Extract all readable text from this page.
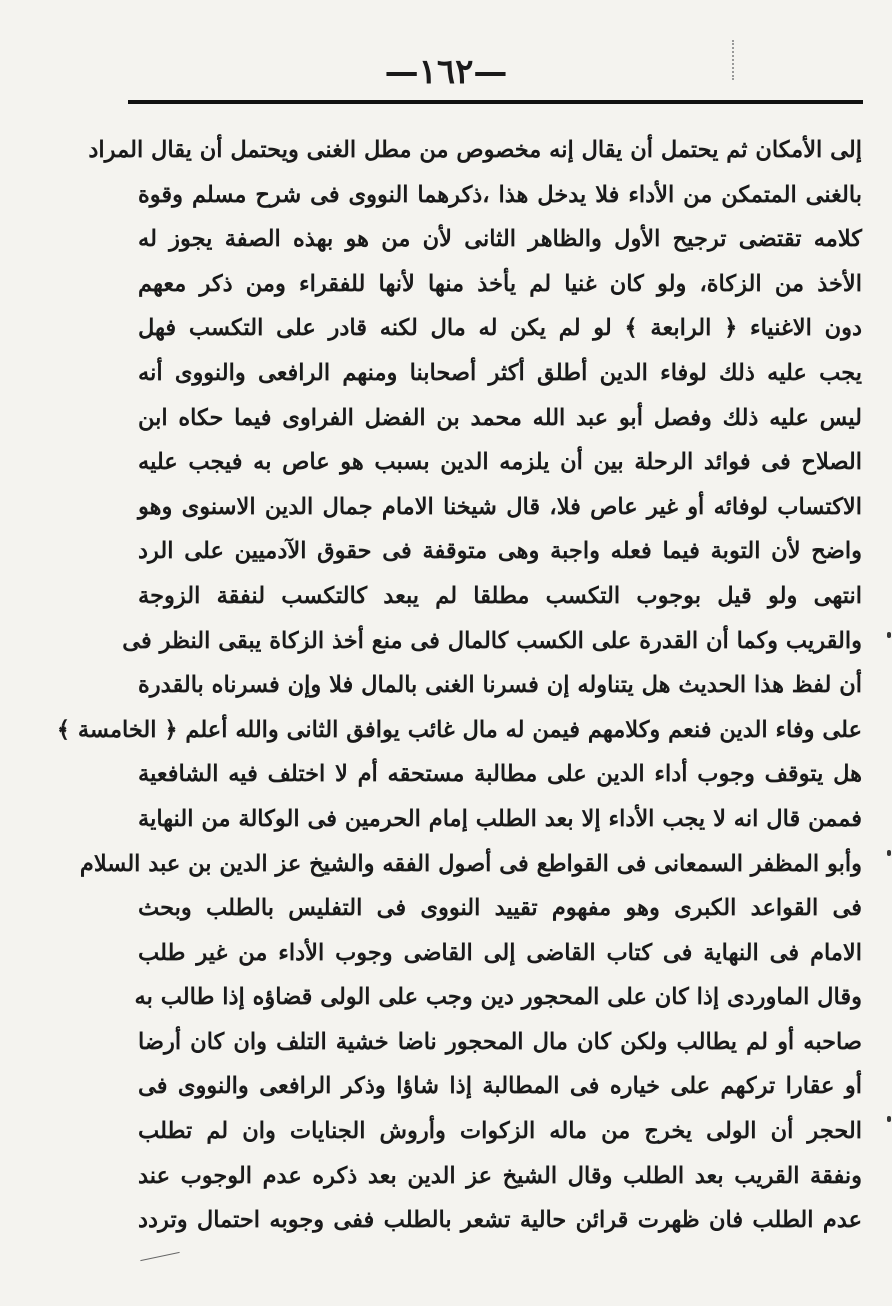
—١٦٢—
إلى الأمكان ثم يحتمل أن يقال إنه مخصوص من مطل الغنى ويحتمل أن يقال المراد
بالغنى المتمكن من الأداء فلا يدخل هذا ،ذكرهما النووى فى شرح مسلم وقوة
كلامه تقتضى ترجيح الأول والظاهر الثانى لأن من هو بهذه الصفة يجوز له
الأخذ من الزكاة، ولو كان غنيا لم يأخذ منها لأنها للفقراء ومن ذكر معهم
دون الاغنياء ﴿ الرابعة ﴾ لو لم يكن له مال لكنه قادر على التكسب فهل
يجب عليه ذلك لوفاء الدين أطلق أكثر أصحابنا ومنهم الرافعى والنووى أنه
ليس عليه ذلك وفصل أبو عبد الله محمد بن الفضل الفراوى فيما حكاه ابن
الصلاح فى فوائد الرحلة بين أن يلزمه الدين بسبب هو عاص به فيجب عليه
الاكتساب لوفائه أو غير عاص فلا، قال شيخنا الامام جمال الدين الاسنوى وهو
واضح لأن التوبة فيما فعله واجبة وهى متوقفة فى حقوق الآدميين على الرد
انتهى ولو قيل بوجوب التكسب مطلقا لم يبعد كالتكسب لنفقة الزوجة
والقريب وكما أن القدرة على الكسب كالمال فى منع أخذ الزكاة يبقى النظر فى
أن لفظ هذا الحديث هل يتناوله إن فسرنا الغنى بالمال فلا وإن فسرناه بالقدرة
على وفاء الدين فنعم وكلامهم فيمن له مال غائب يوافق الثانى والله أعلم ﴿ الخامسة ﴾
هل يتوقف وجوب أداء الدين على مطالبة مستحقه أم لا اختلف فيه الشافعية
فممن قال انه لا يجب الأداء إلا بعد الطلب إمام الحرمين فى الوكالة من النهاية
وأبو المظفر السمعانى فى القواطع فى أصول الفقه والشيخ عز الدين بن عبد السلام
فى القواعد الكبرى وهو مفهوم تقييد النووى فى التفليس بالطلب وبحث
الامام فى النهاية فى كتاب القاضى إلى القاضى وجوب الأداء من غير طلب
وقال الماوردى إذا كان على المحجور دين وجب على الولى قضاؤه إذا طالب به
صاحبه أو لم يطالب ولكن كان مال المحجور ناضا خشية التلف وان كان أرضا
أو عقارا تركهم على خياره فى المطالبة إذا شاؤا وذكر الرافعى والنووى فى
الحجر أن الولى يخرج من ماله الزكوات وأروش الجنايات وان لم تطلب
ونفقة القريب بعد الطلب وقال الشيخ عز الدين بعد ذكره عدم الوجوب عند
عدم الطلب فان ظهرت قرائن حالية تشعر بالطلب ففى وجوبه احتمال وتردد
